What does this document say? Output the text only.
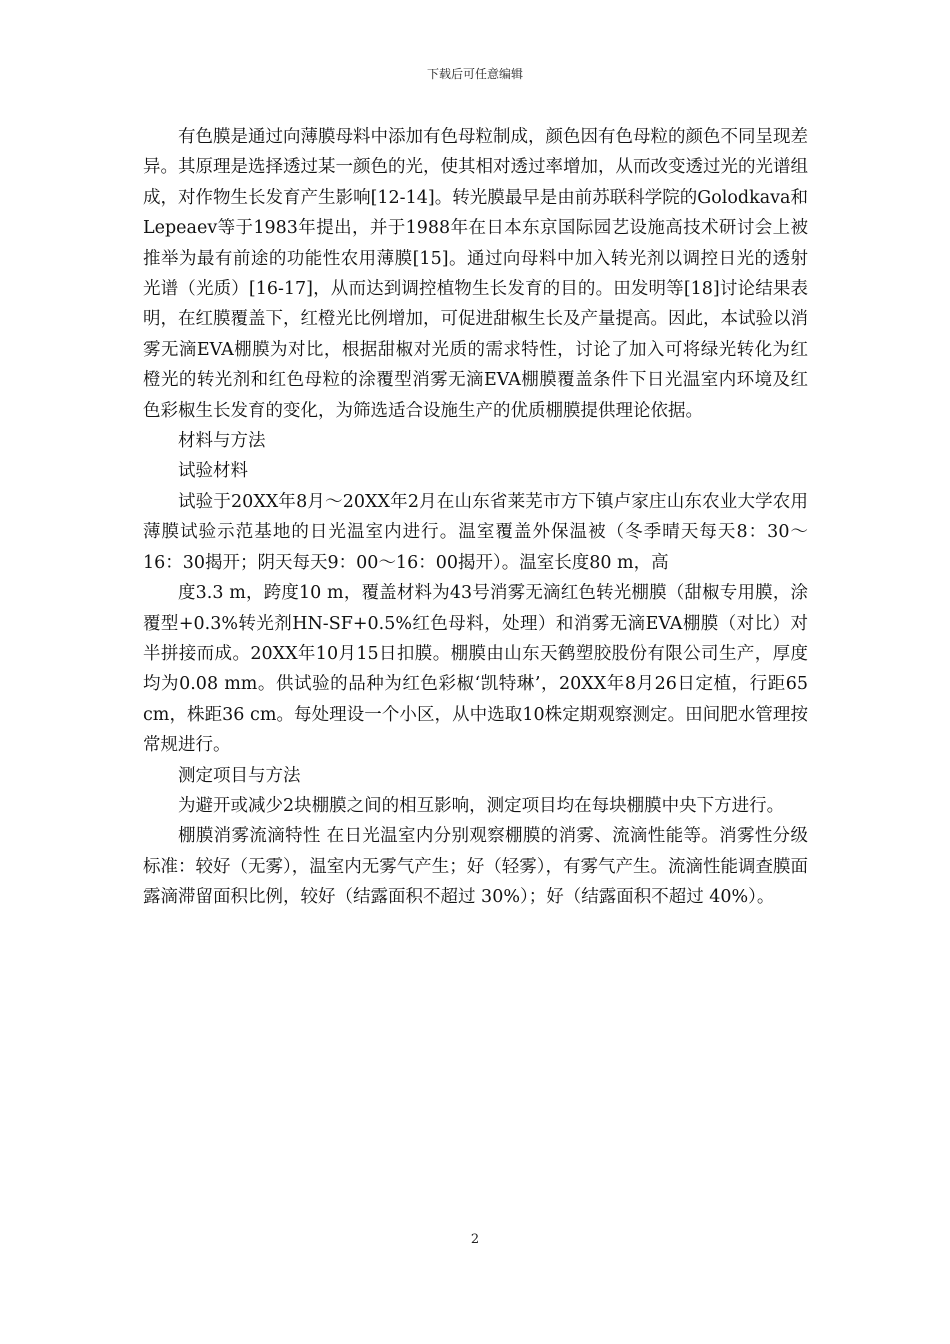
下载后可任意编辑

有色膜是通过向薄膜母料中添加有色母粒制成，颜色因有色母粒的颜色不同呈现差异。其原理是选择透过某一颜色的光，使其相对透过率增加，从而改变透过光的光谱组成，对作物生长发育产生影响[12-14]。转光膜最早是由前苏联科学院的Golodkava和Lepeaev等于1983年提出，并于1988年在日本东京国际园艺设施高技术研讨会上被推举为最有前途的功能性农用薄膜[15]。通过向母料中加入转光剂以调控日光的透射光谱（光质）[16-17]，从而达到调控植物生长发育的目的。田发明等[18]讨论结果表明，在红膜覆盖下，红橙光比例增加，可促进甜椒生长及产量提高。因此，本试验以消雾无滴EVA棚膜为对比，根据甜椒对光质的需求特性，讨论了加入可将绿光转化为红橙光的转光剂和红色母粒的涂覆型消雾无滴EVA棚膜覆盖条件下日光温室内环境及红色彩椒生长发育的变化，为筛选适合设施生产的优质棚膜提供理论依据。

材料与方法

试验材料

试验于20XX年8月～20XX年2月在山东省莱芜市方下镇卢家庄山东农业大学农用薄膜试验示范基地的日光温室内进行。温室覆盖外保温被（冬季晴天每天8：30～16：30揭开；阴天每天9：00～16：00揭开）。温室长度80 m，高

度3.3 m，跨度10 m，覆盖材料为43号消雾无滴红色转光棚膜（甜椒专用膜，涂覆型+0.3%转光剂HN-SF+0.5%红色母料，处理）和消雾无滴EVA棚膜（对比）对半拼接而成。20XX年10月15日扣膜。棚膜由山东天鹤塑胶股份有限公司生产，厚度均为0.08 mm。供试验的品种为红色彩椒‘凯特琳’，20XX年8月26日定植，行距65 cm，株距36 cm。每处理设一个小区，从中选取10株定期观察测定。田间肥水管理按常规进行。

测定项目与方法

为避开或减少2块棚膜之间的相互影响，测定项目均在每块棚膜中央下方进行。

棚膜消雾流滴特性 在日光温室内分别观察棚膜的消雾、流滴性能等。消雾性分级标准：较好（无雾），温室内无雾气产生；好（轻雾），有雾气产生。流滴性能调查膜面露滴滞留面积比例，较好（结露面积不超过 30%）；好（结露面积不超过 40%）。

2
